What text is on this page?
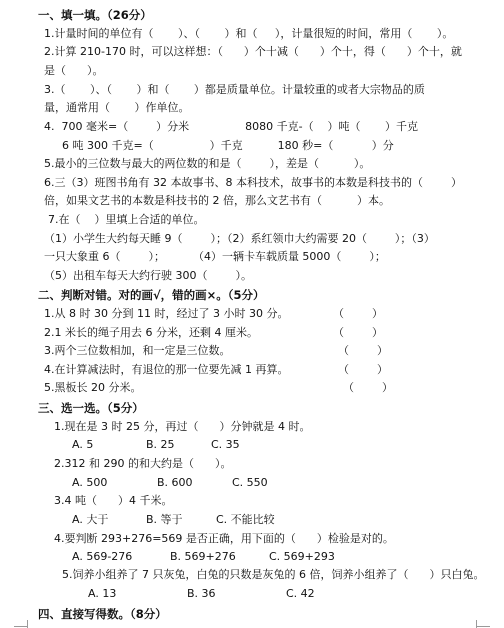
一、填一填。（26分）
1.计量时间的单位有（       ）、（       ）和（     ），计量很短的时间，常用（       ）。
2.计算 210-170 时，可以这样想：（      ）个十减（      ）个十，得（      ）个十，就
是（      ）。
3.（       ）、（       ）和（       ）都是质量单位。计量较重的或者大宗物品的质
量，通常用（       ）作单位。
4.  700 毫米=（        ）分米                8080 千克-（    ）吨（       ）千克
6 吨 300 千克=（                ）千克          180 秒=（           ）分
5.最小的三位数与最大的两位数的和是（        ），差是（          ）。
6.三（3）班图书角有 32 本故事书、8 本科技术，故事书的本数是科技书的（        ）
倍，如果文艺书的本数是科技书的 2 倍，那么文艺书有（          ）本。
7.在（    ）里填上合适的单位。
（1）小学生大约每天睡 9（        ）；（2）系红领巾大约需要 20（        ）；（3）
一只大象重 6（        ）；        （4）一辆卡车载质量 5000（        ）；
（5）出租车每天大约行驶 300（        ）。
二、判断对错。对的画√，错的画×。（5分）
1.从 8 时 30 分到 11 时，经过了 3 小时 30 分。	（        ）
2.1 米长的绳子用去 6 分米，还剩 4 厘米。	（        ）
3.两个三位数相加，和一定是三位数。	（        ）
4.在计算减法时，有退位的那一位要先减 1 再算。	（        ）
5.黑板长 20 分米。	（        ）
三、选一选。（5分）
1.现在是 3 时 25 分，再过（      ）分钟就是 4 时。
A. 5	B. 25	C. 35
2.312 和 290 的和大约是（      ）。
A. 500	B. 600	C. 550
3.4 吨（      ）4 千米。
A. 大于	B. 等于	C. 不能比较
4.要判断 293+276=569 是否正确，用下面的（      ）检验是对的。
A. 569-276	B. 569+276	C. 569+293
5.饲养小组养了 7 只灰兔，白兔的只数是灰兔的 6 倍，饲养小组养了（      ）只白兔。
A. 13	B. 36	C. 42
四、直接写得数。（8分）
